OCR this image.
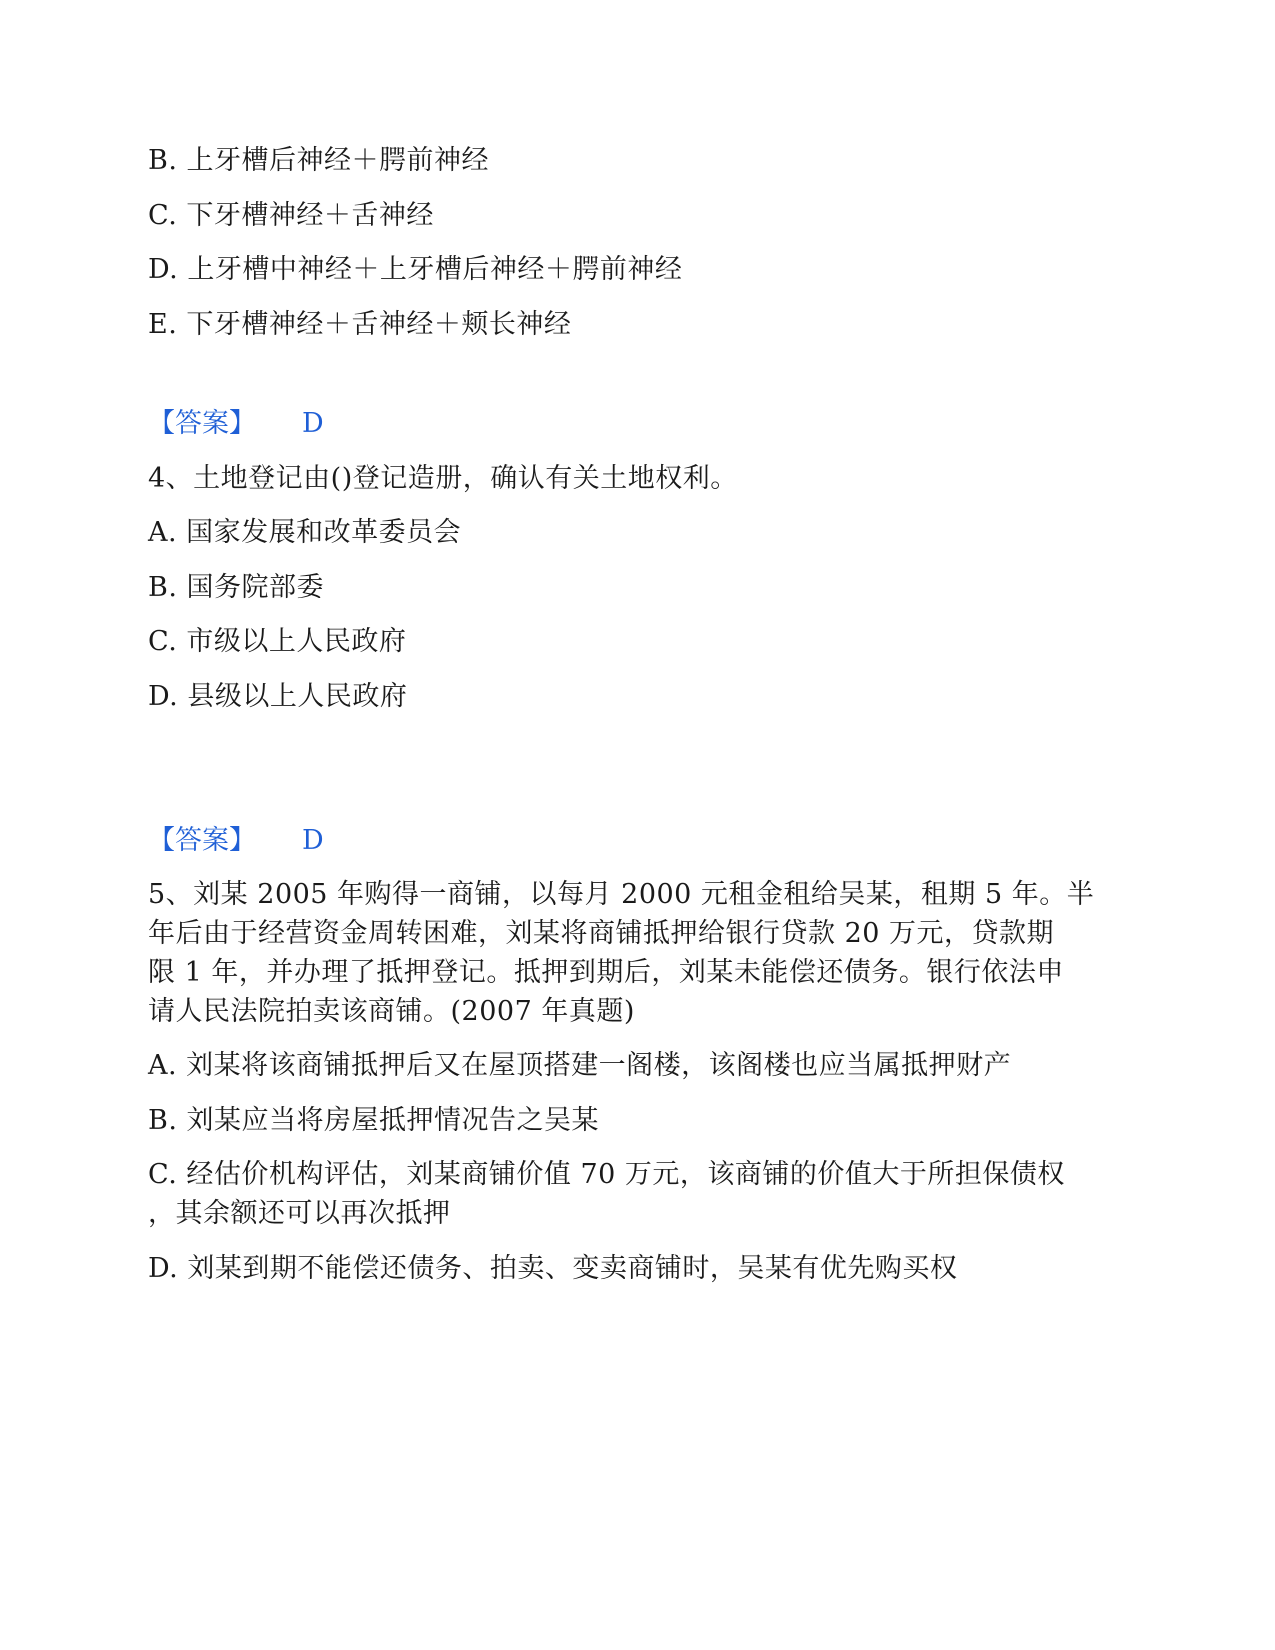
B. 上牙槽后神经＋腭前神经
C. 下牙槽神经＋舌神经
D. 上牙槽中神经＋上牙槽后神经＋腭前神经
E. 下牙槽神经＋舌神经＋颊长神经
【答案】 D
4、土地登记由()登记造册，确认有关土地权利。
A. 国家发展和改革委员会
B. 国务院部委
C. 市级以上人民政府
D. 县级以上人民政府
【答案】 D
5、刘某 2005 年购得一商铺，以每月 2000 元租金租给吴某，租期 5 年。半
年后由于经营资金周转困难，刘某将商铺抵押给银行贷款 20 万元，贷款期
限 1 年，并办理了抵押登记。抵押到期后，刘某未能偿还债务。银行依法申
请人民法院拍卖该商铺。(2007 年真题)
A. 刘某将该商铺抵押后又在屋顶搭建一阁楼，该阁楼也应当属抵押财产
B. 刘某应当将房屋抵押情况告之吴某
C. 经估价机构评估，刘某商铺价值 70 万元，该商铺的价值大于所担保债权
，其余额还可以再次抵押
D. 刘某到期不能偿还债务、拍卖、变卖商铺时，吴某有优先购买权
